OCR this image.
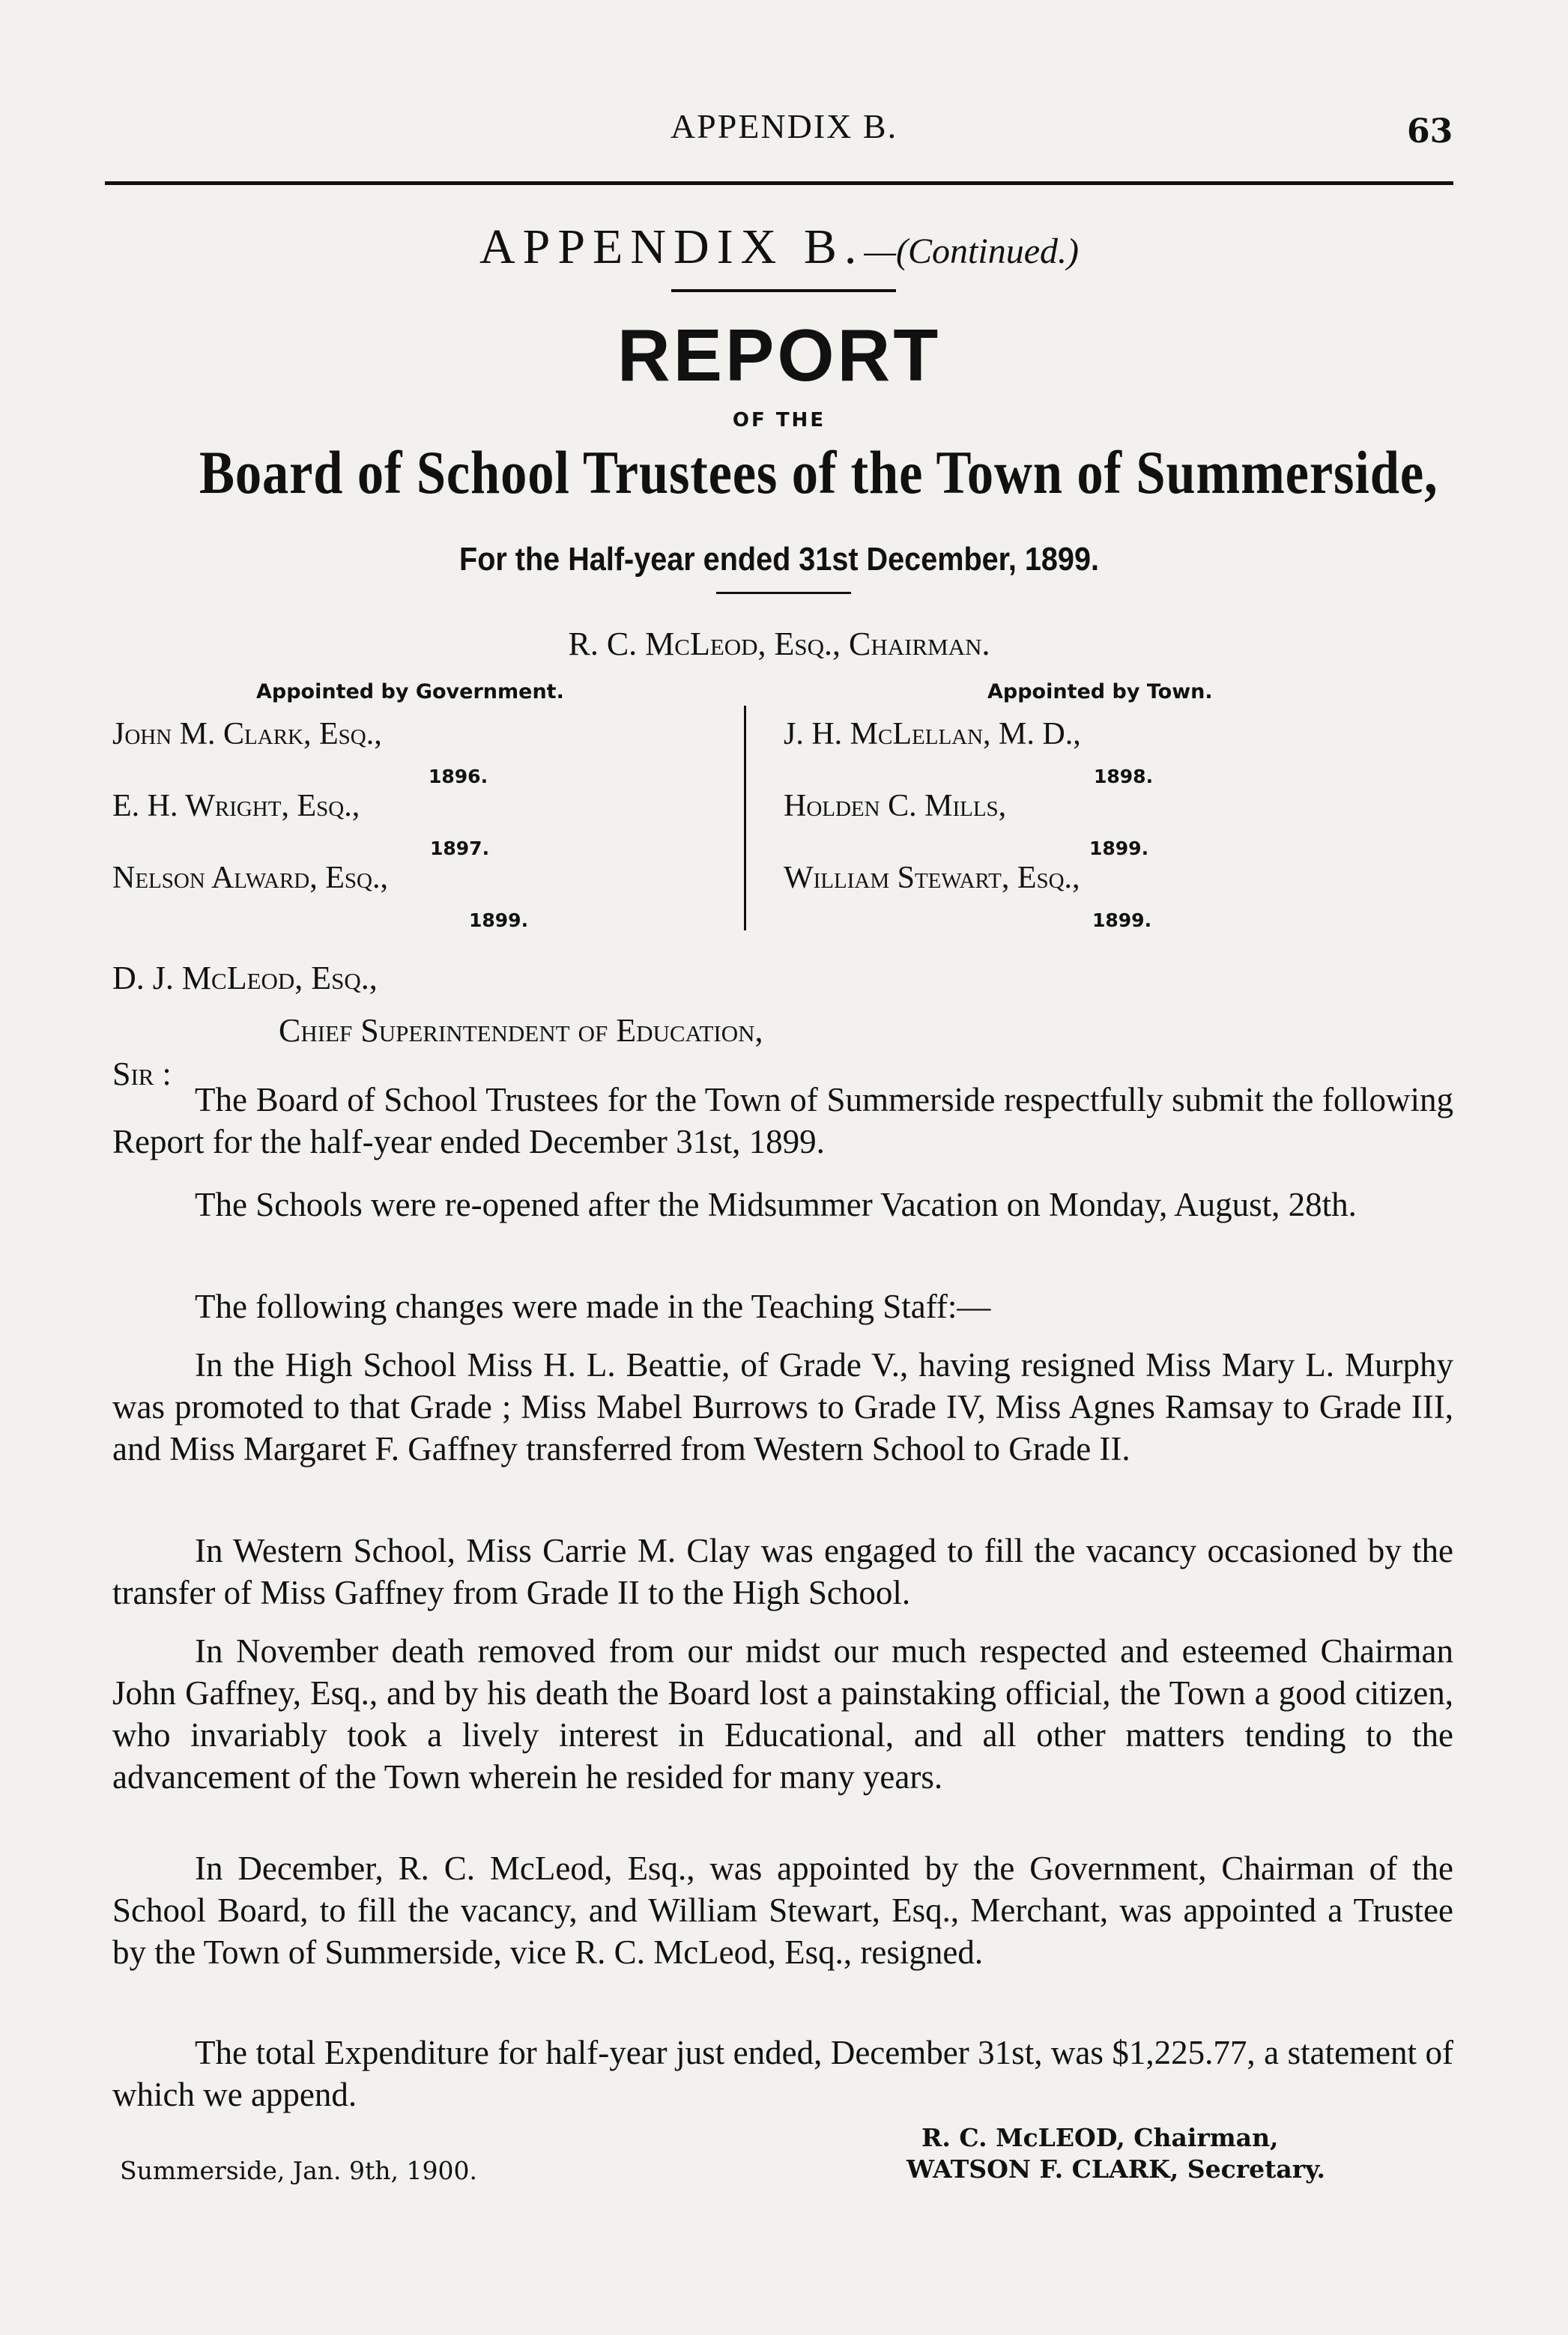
APPENDIX B.	63
APPENDIX B.—(Continued.)
REPORT
OF THE
Board of School Trustees of the Town of Summerside,
For the Half-year ended 31st December, 1899.
R. C. McLeod, Esq., Chairman.
Appointed by Government.	Appointed by Town.
John M. Clark, Esq.,
1896.
E. H. Wright, Esq.,
1897.
Nelson Alward, Esq.,
1899.
J. H. McLellan, M. D.,
1898.
Holden C. Mills,
1899.
William Stewart, Esq.,
1899.
D. J. McLeod, Esq.,
Chief Superintendent of Education,
Sir :

The Board of School Trustees for the Town of Summerside respectfully submit the following Report for the half-year ended December 31st, 1899.

The Schools were re-opened after the Midsummer Vacation on Monday, August, 28th.

The following changes were made in the Teaching Staff:—

In the High School Miss H. L. Beattie, of Grade V., having resigned Miss Mary L. Murphy was promoted to that Grade ; Miss Mabel Burrows to Grade IV, Miss Agnes Ramsay to Grade III, and Miss Margaret F. Gaffney transferred from Western School to Grade II.

In Western School, Miss Carrie M. Clay was engaged to fill the vacancy occasioned by the transfer of Miss Gaffney from Grade II to the High School.

In November death removed from our midst our much respected and esteemed Chairman John Gaffney, Esq., and by his death the Board lost a painstaking official, the Town a good citizen, who invariably took a lively interest in Educational, and all other matters tending to the advancement of the Town wherein he resided for many years.

In December, R. C. McLeod, Esq., was appointed by the Government, Chairman of the School Board, to fill the vacancy, and William Stewart, Esq., Merchant, was appointed a Trustee by the Town of Summerside, vice R. C. McLeod, Esq., resigned.

The total Expenditure for half-year just ended, December 31st, was $1,225.77, a statement of which we append.

Summerside, Jan. 9th, 1900.
R. C. McLEOD, Chairman,
WATSON F. CLARK, Secretary.
